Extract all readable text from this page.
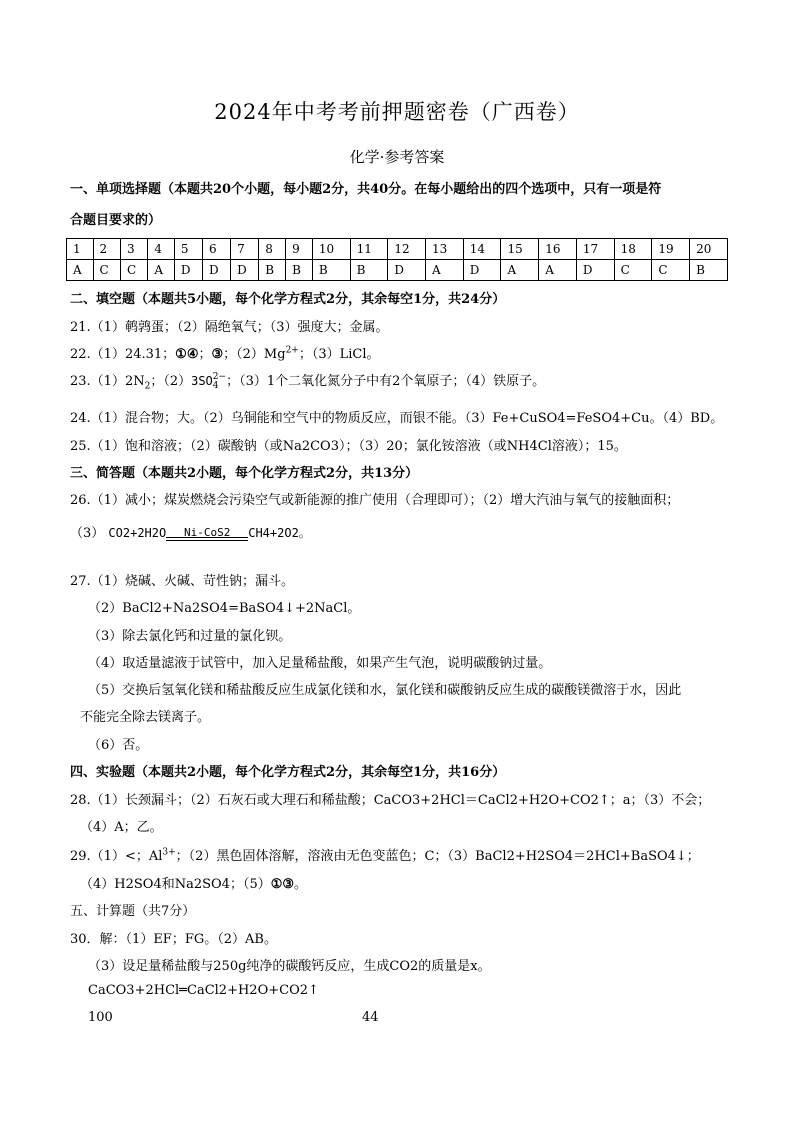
2024年中考考前押题密卷（广西卷）
化学·参考答案
一、单项选择题（本题共20个小题，每小题2分，共40分。在每小题给出的四个选项中，只有一项是符
合题目要求的）
1	2	3	4	5	6	7	8	9	10	11	12	13	14	15	16	17	18	19	20
A	C	C	A	D	D	D	B	B	B	B	D	A	D	A	A	D	C	C	B
二、填空题（本题共5小题，每个化学方程式2分，其余每空1分，共24分）
21.（1）鹌鹑蛋；（2）隔绝氧气；（3）强度大；金属。
22.（1）24.31；①④；③；$(2)Mg^{2+}$；（3）LiCl。
$23.(1)2N_2$；（2）3SO 2−
4 ；（3）1个二氧化氮分子中有2个氧原子；（4）铁原子。
24.（1）混合物；大。（2）乌铜能和空气中的物质反应，而银不能。（3）Fe+CuSO4=FeSO4+Cu。（4）BD。
25.（1）饱和溶液；（2）碳酸钠（或Na2CO3）；（3）20；氯化铵溶液（或NH4Cl溶液）；15。
三、简答题（本题共2小题，每个化学方程式2分，共13分）
26.（1）减小；煤炭燃烧会污染空气或新能源的推广使用（合理即可）；（2）增大汽油与氧气的接触面积；
（3） CO2+2H2O	Ni-CoS2	CH4+2O2。
27.（1）烧碱、火碱、苛性钠；漏斗。
（2）BaCl2+Na2SO4=BaSO4↓+2NaCl。
（3）除去氯化钙和过量的氯化钡。
（4）取适量滤液于试管中，加入足量稀盐酸，如果产生气泡，说明碳酸钠过量。
（5）交换后氢氧化镁和稀盐酸反应生成氯化镁和水，氯化镁和碳酸钠反应生成的碳酸镁微溶于水，因此
不能完全除去镁离子。
（6）否。
四、实验题（本题共2小题，每个化学方程式2分，其余每空1分，共16分）
28.（1）长颈漏斗；（2）石灰石或大理石和稀盐酸；CaCO3+2HCl＝CaCl2+H2O+CO2↑；a；（3）不会；
（4）A；乙。
29.（1）<；$Al^{3+}$；（2）黑色固体溶解，溶液由无色变蓝色；C；（3）BaCl2+H2SO4＝2HCl+BaSO4↓；
（4）H2SO4和Na2SO4；（5）①③。
五、计算题（共7分）
30．解：（1）EF；FG。（2）AB。
（3）设足量稀盐酸与250g纯净的碳酸钙反应，生成CO2的质量是x。
CaCO3+2HCl═CaCl2+H2O+CO2↑
100	44
